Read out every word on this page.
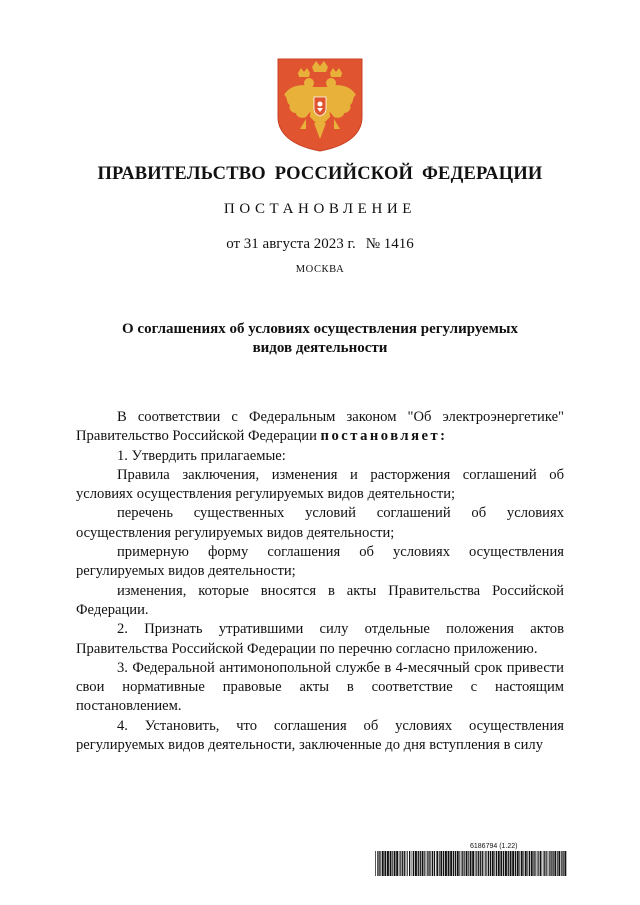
ПРАВИТЕЛЬСТВО РОССИЙСКОЙ ФЕДЕРАЦИИ
ПОСТАНОВЛЕНИЕ
от 31 августа 2023 г. № 1416
МОСКВА
О соглашениях об условиях осуществления регулируемых
видов деятельности

В соответствии с Федеральным законом "Об электроэнергетике" Правительство Российской Федерации постановляет:

1. Утвердить прилагаемые:

Правила заключения, изменения и расторжения соглашений об условиях осуществления регулируемых видов деятельности;

перечень существенных условий соглашений об условиях осуществления регулируемых видов деятельности;

примерную форму соглашения об условиях осуществления регулируемых видов деятельности;

изменения, которые вносятся в акты Правительства Российской Федерации.

2. Признать утратившими силу отдельные положения актов Правительства Российской Федерации по перечню согласно приложению.

3. Федеральной антимонопольной службе в 4-месячный срок привести свои нормативные правовые акты в соответствие с настоящим постановлением.

4. Установить, что соглашения об условиях осуществления регулируемых видов деятельности, заключенные до дня вступления в силу

6186794 (1.22)
